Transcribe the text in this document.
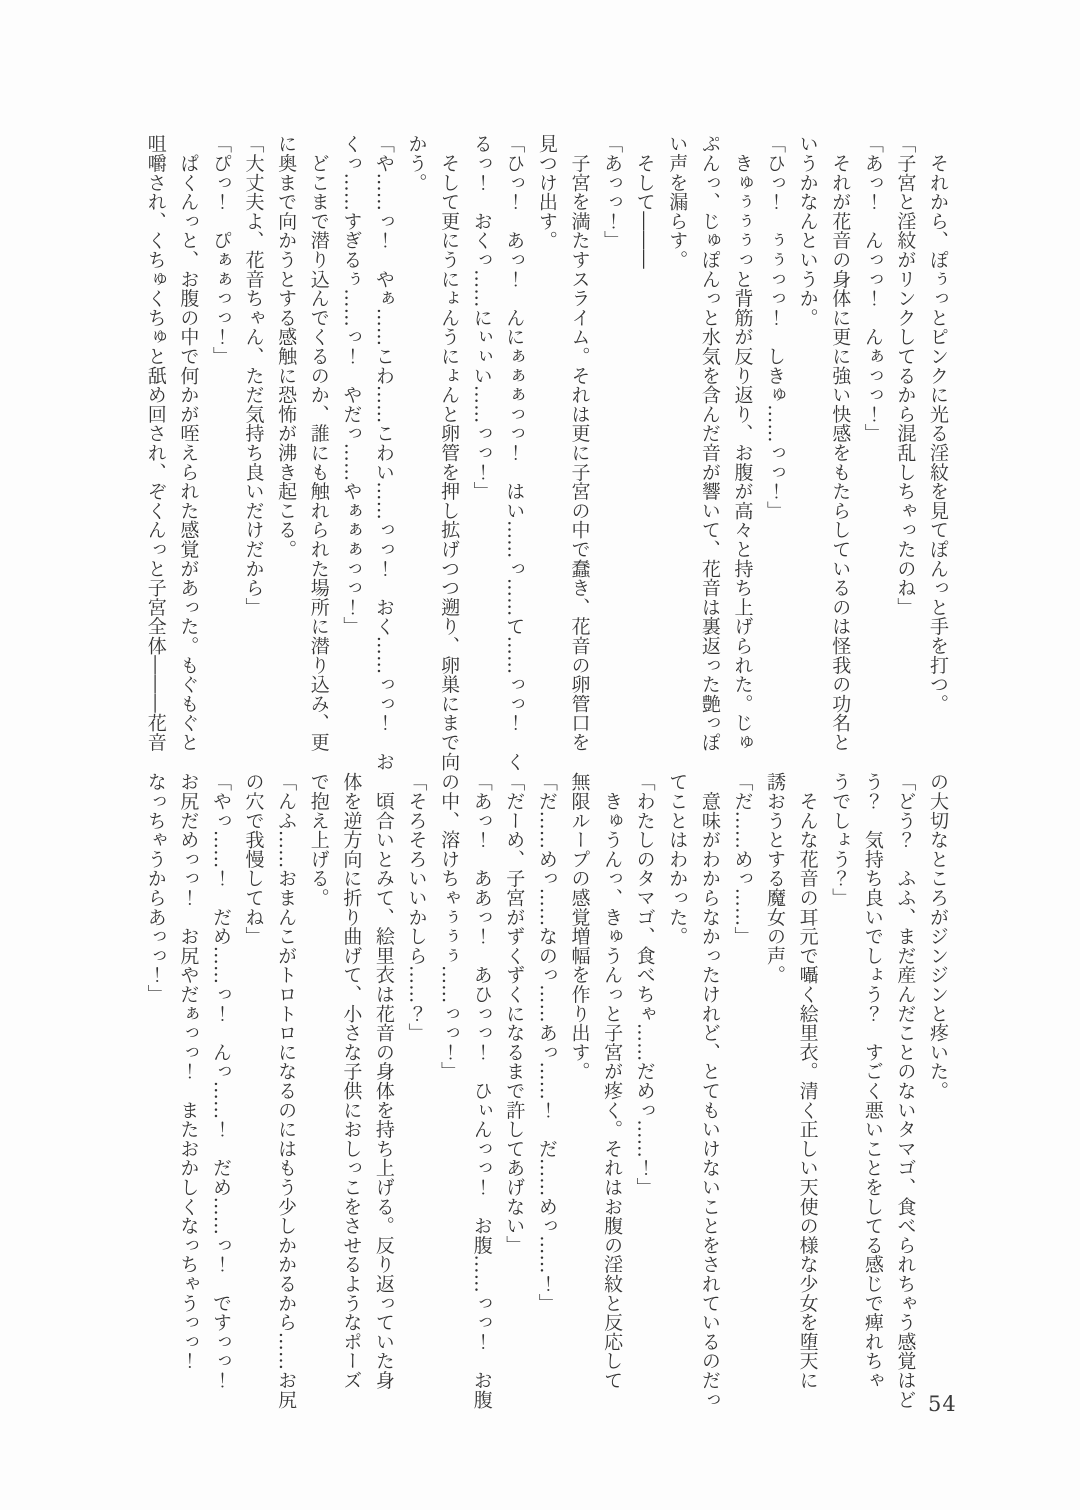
　それから、ぽぅっとピンクに光る淫紋を見てぽんっと手を打つ。

「子宮と淫紋がリンクしてるから混乱しちゃったのね」

「あっ！　んっっ！　んぁっっ！」

　それが花音の身体に更に強い快感をもたらしているのは怪我の功名と

いうかなんというか。

「ひっ！　ぅぅっっ！　しきゅ……っっ！」

　きゅぅぅぅっと背筋が反り返り、お腹が高々と持ち上げられた。じゅ

ぷんっ、じゅぽんっと水気を含んだ音が響いて、花音は裏返った艶っぽ

い声を漏らす。

　そして―――

「あっっ！」

　子宮を満たすスライム。それは更に子宮の中で蠢き、花音の卵管口を

見つけ出す。

「ひっ！　あっ！　んにぁぁぁっっ！　はい……っ……て……っっ！　く

るっ！　おくっ……にぃぃい……っっ！」

　そして更にうにょんうにょんと卵管を押し拡げつつ遡り、卵巣にまで向

かう。

「や……っ！　やぁ……こわ……こわい……っっ！　おく……っっ！　お

くっ……すぎるぅ……っ！　やだっ……やぁぁぁっっ！」

　どこまで潜り込んでくるのか、誰にも触れられた場所に潜り込み、更

に奥まで向かうとする感触に恐怖が沸き起こる。

「大丈夫よ、花音ちゃん、ただ気持ち良いだけだから」

「ぴっ！　ぴぁぁっっ！」

　ぱくんっと、お腹の中で何かが咥えられた感覚があった。もぐもぐと

咀嚼され、くちゅくちゅと舐め回され、ぞくんっと子宮全体―――花音

の大切なところがジンジンと疼いた。

「どう？　ふふ、まだ産んだことのないタマゴ、食べられちゃう感覚はど

う？　気持ち良いでしょう？　すごく悪いことをしてる感じで痺れちゃ

うでしょう？」

　そんな花音の耳元で囁く絵里衣。清く正しい天使の様な少女を堕天に

誘おうとする魔女の声。

「だ……めっ……」

　意味がわからなかったけれど、とてもいけないことをされているのだっ

てことはわかった。

「わたしのタマゴ、食べちゃ……だめっ……！」

　きゅうんっ、きゅうんっと子宮が疼く。それはお腹の淫紋と反応して

無限ループの感覚増幅を作り出す。

「だ……めっ……なのっ……あっ……！　だ……めっ……！」

「だーめ、子宮がずくずくになるまで許してあげない」

「あっ！　ああっ！　あひっっ！　ひぃんっっ！　お腹……っっ！　お腹

の中、溶けちゃぅぅぅ……っっ！」

「そろそろいいかしら……？」

　頃合いとみて、絵里衣は花音の身体を持ち上げる。反り返っていた身

体を逆方向に折り曲げて、小さな子供におしっこをさせるようなポーズ

で抱え上げる。

「んふ……おまんこがトロトロになるのにはもう少しかかるから……お尻

の穴で我慢してね」

「やっ……！　だめ……っ！　んっ……！　だめ……っ！　ですっっ！

お尻だめっっ！　お尻やだぁっっ！　またおかしくなっちゃうっっ！

なっちゃうからあっっ！」

54
